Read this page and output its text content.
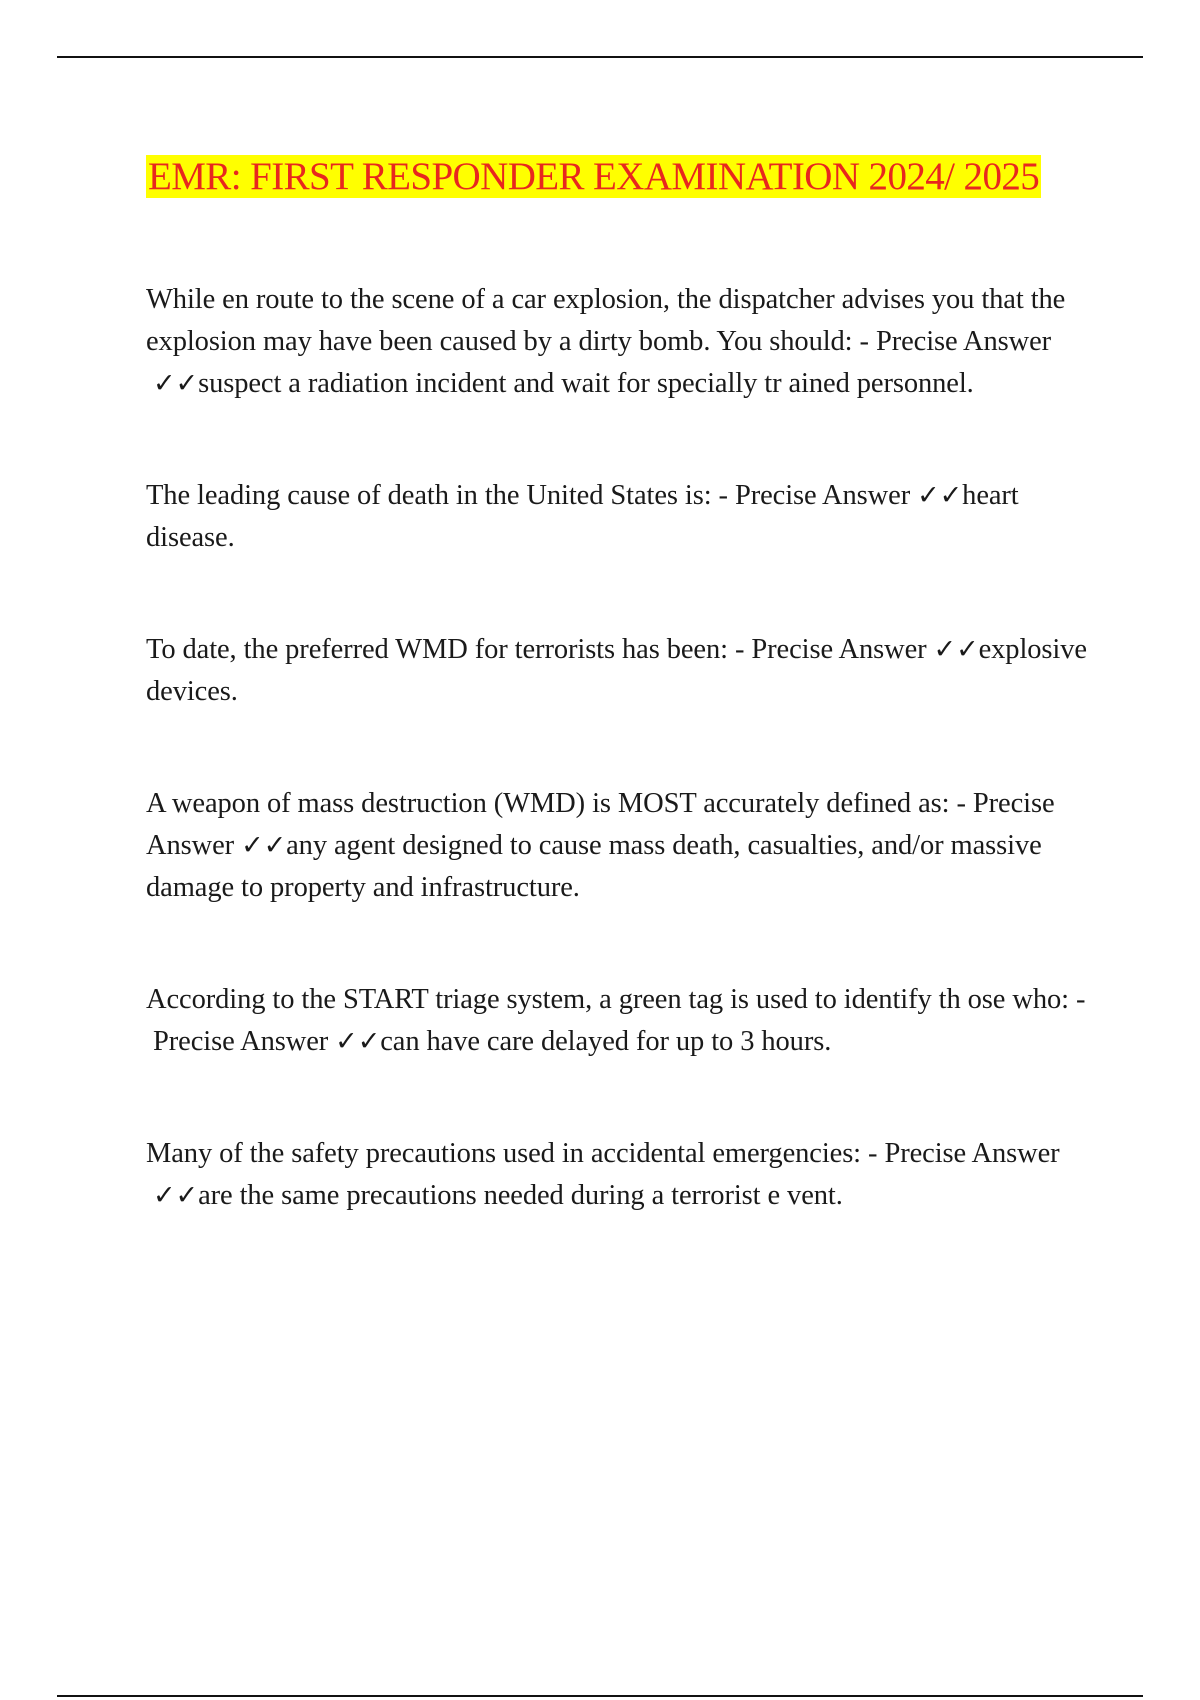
EMR: FIRST RESPONDER EXAMINATION 2024/ 2025

While en route to the scene of a car explosion, the dispatcher advises you that the explosion may have been caused by a dirty bomb. You should: - Precise Answer ✓✓suspect a radiation incident and wait for specially tr ained personnel.

The leading cause of death in the United States is: - Precise Answer ✓✓heart disease.

To date, the preferred WMD for terrorists has been: - Precise Answer ✓✓explosive devices.

A weapon of mass destruction (WMD) is MOST accurately defined as: - Precise Answer ✓✓any agent designed to cause mass death, casualties, and/or massive damage to property and infrastructure.

According to the START triage system, a green tag is used to identify th ose who: - Precise Answer ✓✓can have care delayed for up to 3 hours.

Many of the safety precautions used in accidental emergencies: - Precise Answer ✓✓are the same precautions needed during a terrorist e vent.
